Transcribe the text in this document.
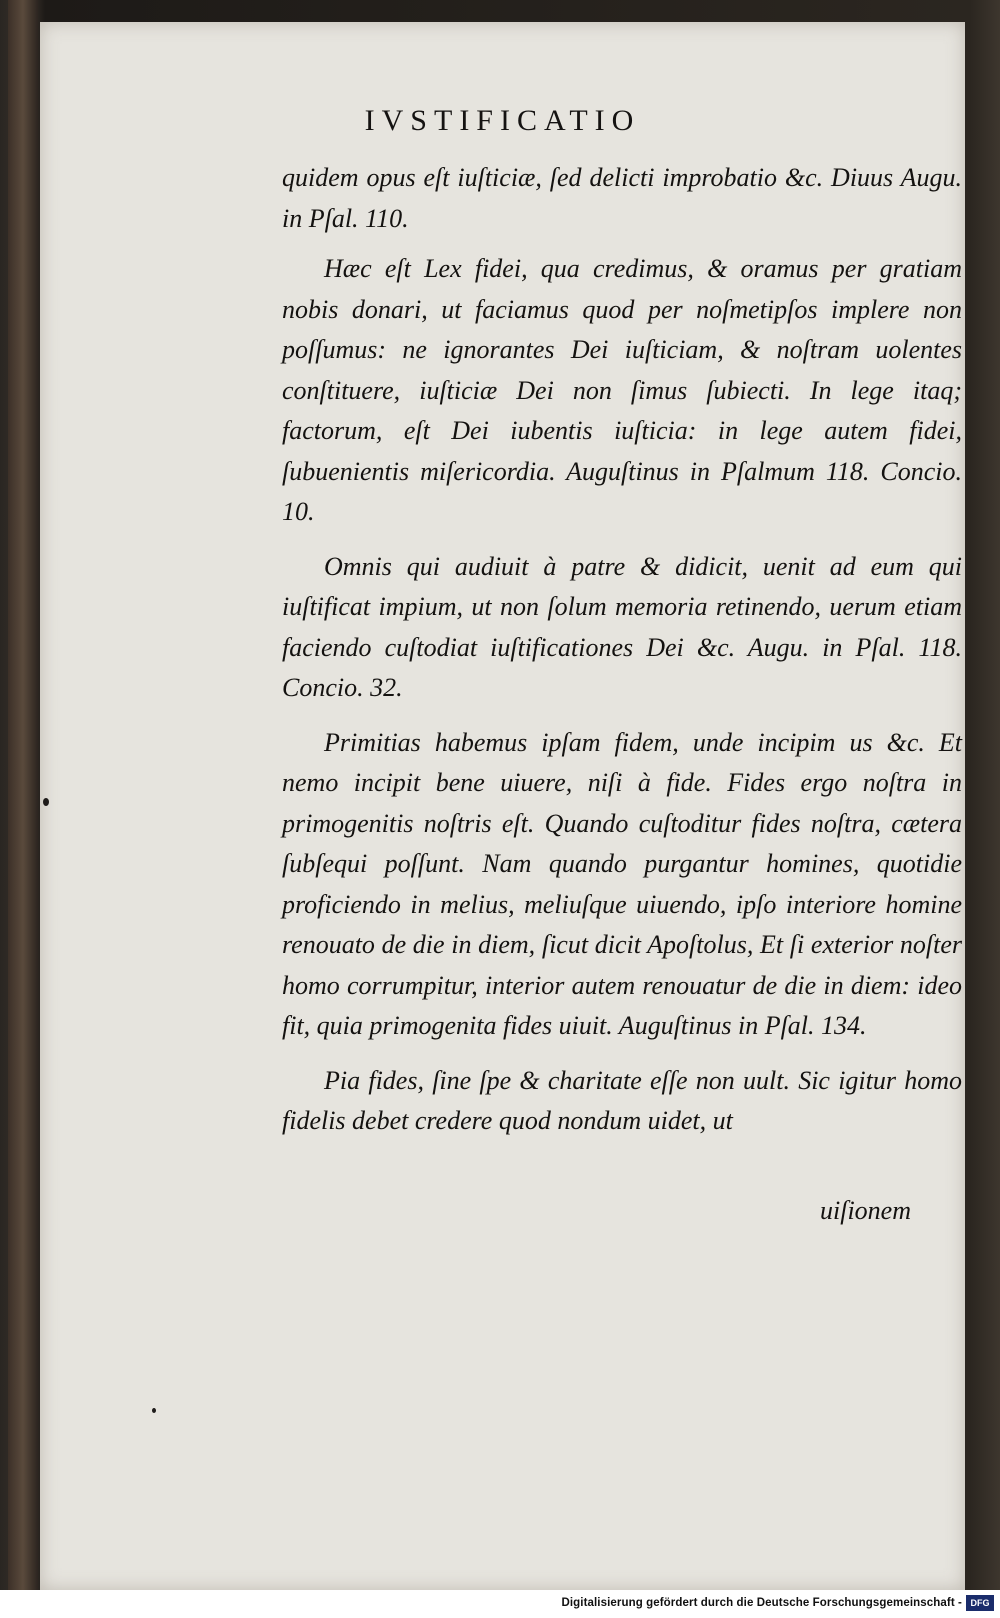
IVSTIFICATIO

quidem opus eſt iuſticiæ, ſed delicti improbatio &c. Diuus Augu. in Pſal. 110.

Hæc eſt Lex fidei, qua credimus, & oramus per gratiam nobis donari, ut faciamus quod per noſmetipſos implere non poſſumus: ne ignorantes Dei iuſticiam, & noſtram uolentes conſtituere, iuſticiæ Dei non ſimus ſubiecti. In lege itaq; factorum, eſt Dei iubentis iuſticia: in lege autem fidei, ſubuenientis miſericordia. Auguſtinus in Pſalmum 118. Concio. 10.

Omnis qui audiuit à patre & didicit, uenit ad eum qui iuſtificat impium, ut non ſolum memoria retinendo, uerum etiam faciendo cuſtodiat iuſtificationes Dei &c. Augu. in Pſal. 118. Concio. 32.

Primitias habemus ipſam fidem, unde incipim us &c. Et nemo incipit bene uiuere, niſi à fide. Fides ergo noſtra in primogenitis noſtris eſt. Quando cuſtoditur fides noſtra, cætera ſubſequi poſſunt. Nam quando purgantur homines, quotidie proficiendo in melius, meliuſque uiuendo, ipſo interiore homine renouato de die in diem, ſicut dicit Apoſtolus, Et ſi exterior noſter homo corrumpitur, interior autem renouatur de die in diem: ideo fit, quia primogenita fides uiuit. Auguſtinus in Pſal. 134.

Pia fides, ſine ſpe & charitate eſſe non uult. Sic igitur homo fidelis debet credere quod nondum uidet, ut

uiſionem
Digitalisierung gefördert durch die Deutsche Forschungsgemeinschaft - DFG
